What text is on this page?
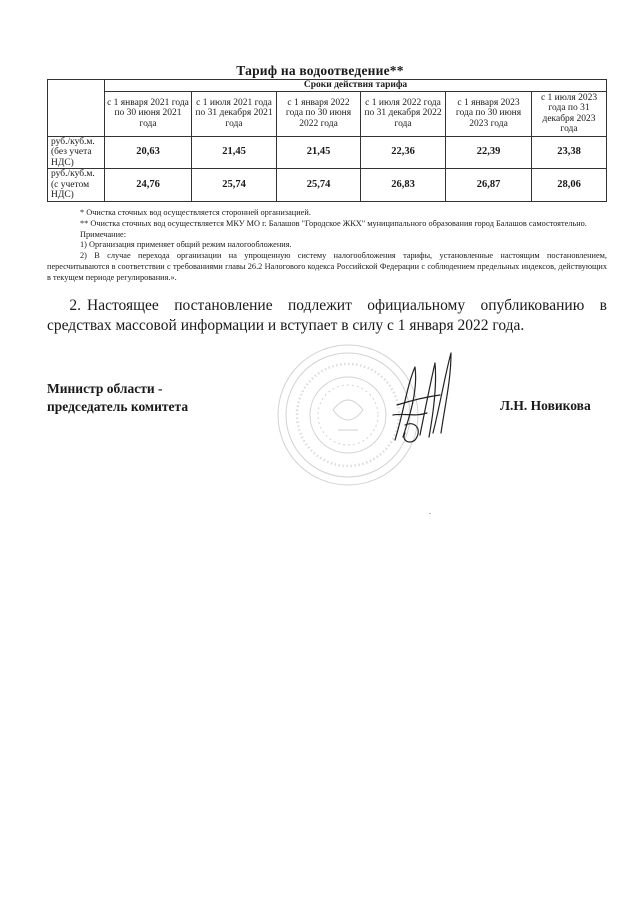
Тариф на водоотведение**
	Сроки действия тарифа					
	с 1 января 2021 года по 30 июня 2021 года	с 1 июля 2021 года по 31 декабря 2021 года	с 1 января 2022 года по 30 июня 2022 года	с 1 июля 2022 года по 31 декабря 2022 года	с 1 января 2023 года по 30 июня 2023 года	с 1 июля 2023 года по 31 декабря 2023 года
руб./куб.м. (без учета НДС)	20,63	21,45	21,45	22,36	22,39	23,38
руб./куб.м. (с учетом НДС)	24,76	25,74	25,74	26,83	26,87	28,06

* Очистка сточных вод осуществляется сторонней организацией.

** Очистка сточных вод осуществляется МКУ МО г. Балашов "Городское ЖКХ" муниципального образования город Балашов самостоятельно.

Примечание:

1) Организация применяет общий режим налогообложения.

2) В случае перехода организации на упрощенную систему налогообложения тарифы, установленные настоящим постановлением, пересчитываются в соответствии с требованиями главы 26.2 Налогового кодекса Российской Федерации с соблюдением предельных индексов, действующих в текущем периоде регулирования.».

2. Настоящее постановление подлежит официальному опубликованию в средствах массовой информации и вступает в силу с 1 января 2022 года.
Министр области -
председатель комитета	Л.Н. Новикова
